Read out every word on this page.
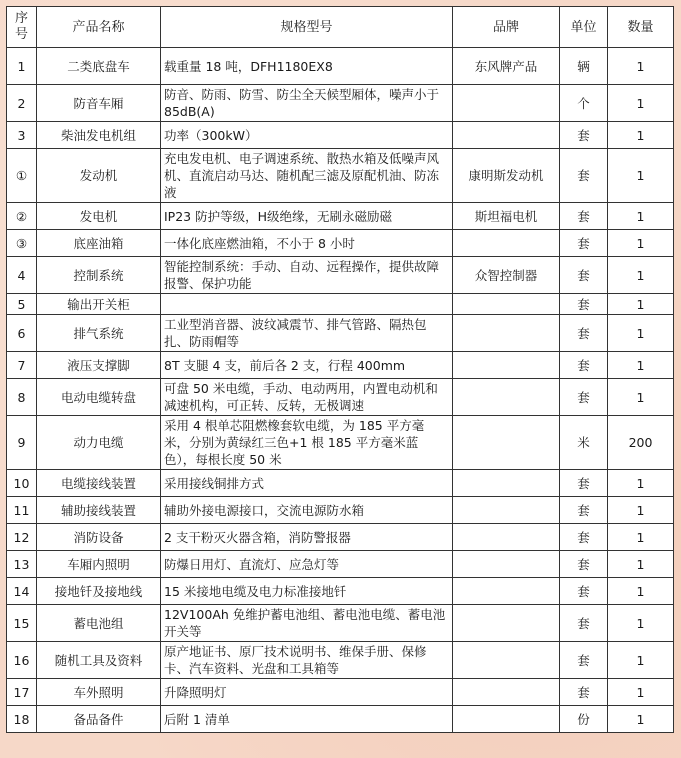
序
号	产品名称	规格型号	品牌	单位	数量
1	二类底盘车	载重量 18 吨，DFH1180EX8	东风牌产品	辆	1
2	防音车厢	防音、防雨、防雪、防尘全天候型厢体，噪声小于 85dB(A)		个	1
3	柴油发电机组	功率（300kW）		套	1
①	发动机	充电发电机、电子调速系统、散热水箱及低噪声风机、直流启动马达、随机配三滤及原配机油、防冻液	康明斯发动机	套	1
②	发电机	IP23 防护等级，H级绝缘，无刷永磁励磁	斯坦福电机	套	1
③	底座油箱	一体化底座燃油箱，不小于 8 小时		套	1
4	控制系统	智能控制系统：手动、自动、远程操作，提供故障报警、保护功能	众智控制器	套	1
5	输出开关柜			套	1
6	排气系统	工业型消音器、波纹减震节、排气管路、隔热包扎、防雨帽等		套	1
7	液压支撑脚	8T 支腿 4 支，前后各 2 支，行程 400mm		套	1
8	电动电缆转盘	可盘 50 米电缆，手动、电动两用，内置电动机和减速机构，可正转、反转，无极调速		套	1
9	动力电缆	采用 4 根单芯阻燃橡套软电缆，为 185 平方毫米，分别为黄绿红三色+1 根 185 平方毫米蓝色），每根长度 50 米		米	200
10	电缆接线装置	采用接线铜排方式		套	1
11	辅助接线装置	辅助外接电源接口，交流电源防水箱		套	1
12	消防设备	2 支干粉灭火器含箱，消防警报器		套	1
13	车厢内照明	防爆日用灯、直流灯、应急灯等		套	1
14	接地钎及接地线	15 米接地电缆及电力标准接地钎		套	1
15	蓄电池组	12V100Ah 免维护蓄电池组、蓄电池电缆、蓄电池开关等		套	1
16	随机工具及资料	原产地证书、原厂技术说明书、维保手册、保修卡、汽车资料、光盘和工具箱等		套	1
17	车外照明	升降照明灯		套	1
18	备品备件	后附 1 清单		份	1
